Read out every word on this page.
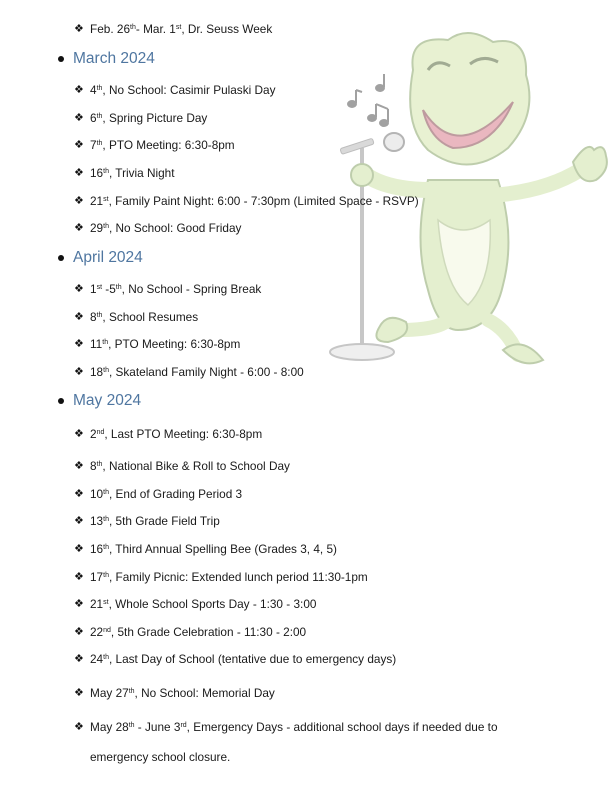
❖ Feb. 26th- Mar. 1st, Dr. Seuss Week
March 2024
❖ 4th, No School: Casimir Pulaski Day
❖ 6th, Spring Picture Day
❖ 7th, PTO Meeting: 6:30-8pm
❖ 16th, Trivia Night
❖ 21st, Family Paint Night: 6:00 - 7:30pm (Limited Space - RSVP)
❖ 29th, No School: Good Friday
April 2024
❖ 1st -5th, No School - Spring Break
❖ 8th, School Resumes
❖ 11th, PTO Meeting: 6:30-8pm
❖ 18th, Skateland Family Night - 6:00 - 8:00
May 2024
❖ 2nd, Last PTO Meeting: 6:30-8pm
❖ 8th, National Bike & Roll to School Day
❖ 10th, End of Grading Period 3
❖ 13th, 5th Grade Field Trip
❖ 16th, Third Annual Spelling Bee (Grades 3, 4, 5)
❖ 17th, Family Picnic: Extended lunch period 11:30-1pm
❖ 21st, Whole School Sports Day - 1:30 - 3:00
❖ 22nd, 5th Grade Celebration - 11:30 - 2:00
❖ 24th, Last Day of School (tentative due to emergency days)
❖ May 27th, No School: Memorial Day
❖ May 28th - June 3rd, Emergency Days - additional school days if needed due to
emergency school closure.
